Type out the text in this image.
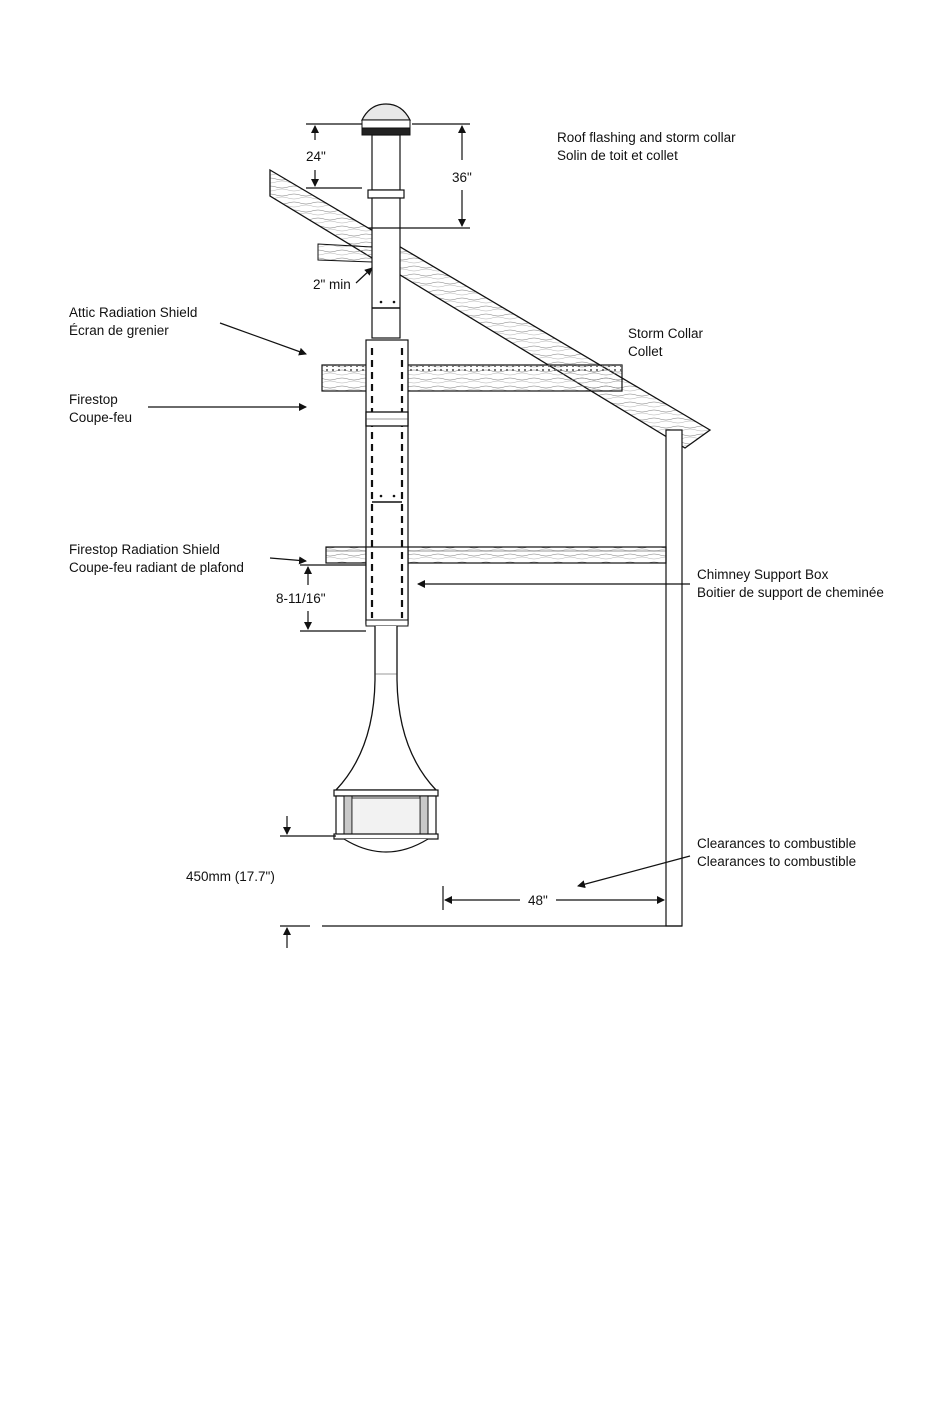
24"
36"
2" min
8-11/16"
450mm (17.7")
48"
Roof flashing and storm collar
Solin de toit et collet
Storm Collar
Collet
Attic Radiation Shield
Écran de grenier
Firestop
Coupe-feu
Firestop Radiation Shield
Coupe-feu radiant de plafond	Chimney Support Box
Boitier de support de cheminée
Clearances to combustible
Clearances to combustible
